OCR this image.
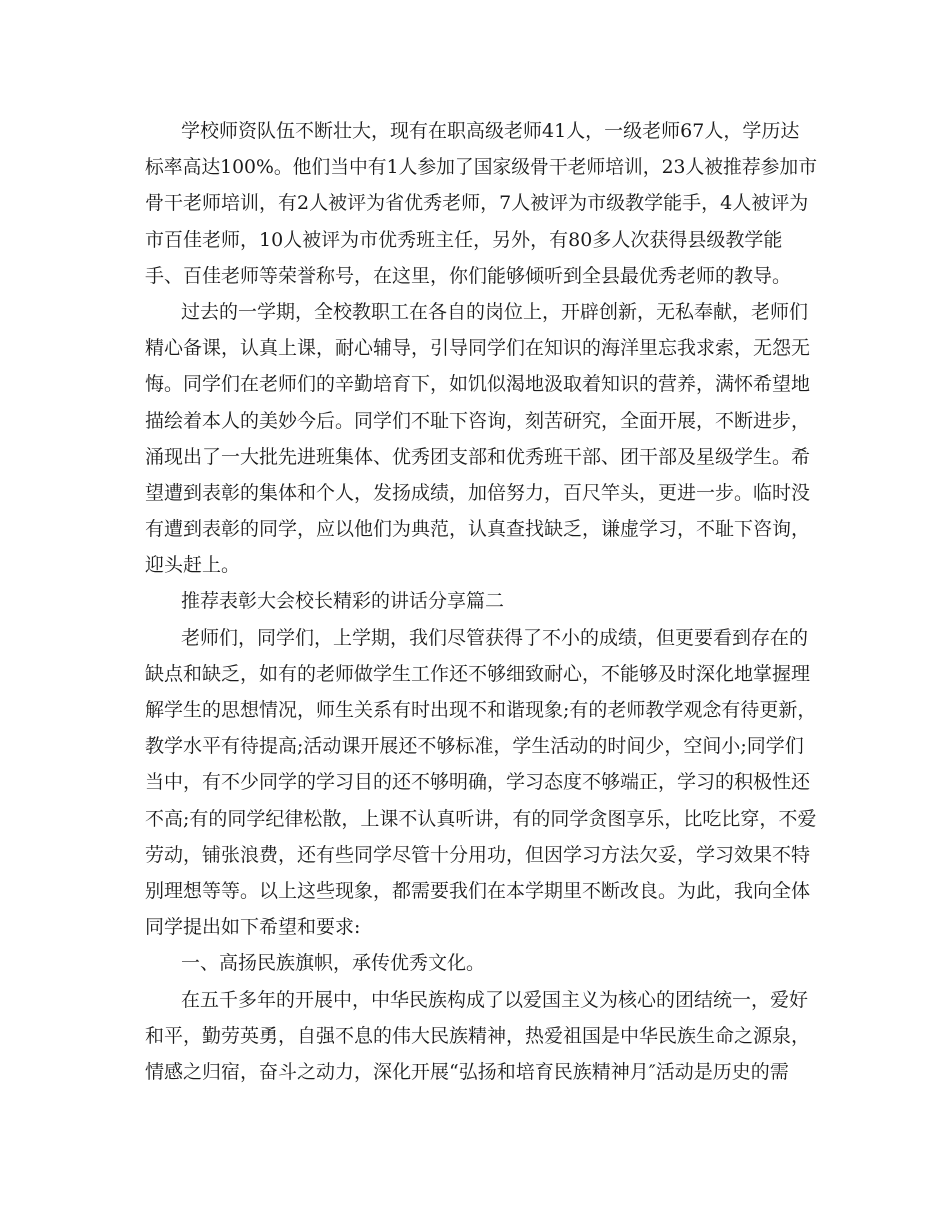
学校师资队伍不断壮大，现有在职高级老师41人，一级老师67人，学历达
标率高达100%。他们当中有1人参加了国家级骨干老师培训，23人被推荐参加市
骨干老师培训，有2人被评为省优秀老师，7人被评为市级教学能手，4人被评为
市百佳老师，10人被评为市优秀班主任，另外，有80多人次获得县级教学能
手、百佳老师等荣誉称号，在这里，你们能够倾听到全县最优秀老师的教导。
过去的一学期，全校教职工在各自的岗位上，开辟创新，无私奉献，老师们
精心备课，认真上课，耐心辅导，引导同学们在知识的海洋里忘我求索，无怨无
悔。同学们在老师们的辛勤培育下，如饥似渴地汲取着知识的营养，满怀希望地
描绘着本人的美妙今后。同学们不耻下咨询，刻苦研究，全面开展，不断进步，
涌现出了一大批先进班集体、优秀团支部和优秀班干部、团干部及星级学生。希
望遭到表彰的集体和个人，发扬成绩，加倍努力，百尺竿头，更进一步。临时没
有遭到表彰的同学，应以他们为典范，认真查找缺乏，谦虚学习，不耻下咨询，
迎头赶上。
推荐表彰大会校长精彩的讲话分享篇二
老师们，同学们，上学期，我们尽管获得了不小的成绩，但更要看到存在的
缺点和缺乏，如有的老师做学生工作还不够细致耐心，不能够及时深化地掌握理
解学生的思想情况，师生关系有时出现不和谐现象;有的老师教学观念有待更新，
教学水平有待提高;活动课开展还不够标准，学生活动的时间少，空间小;同学们
当中，有不少同学的学习目的还不够明确，学习态度不够端正，学习的积极性还
不高;有的同学纪律松散，上课不认真听讲，有的同学贪图享乐，比吃比穿，不爱
劳动，铺张浪费，还有些同学尽管十分用功，但因学习方法欠妥，学习效果不特
别理想等等。以上这些现象，都需要我们在本学期里不断改良。为此，我向全体
同学提出如下希望和要求:
一、高扬民族旗帜，承传优秀文化。
在五千多年的开展中，中华民族构成了以爱国主义为核心的团结统一，爱好
和平，勤劳英勇，自强不息的伟大民族精神，热爱祖国是中华民族生命之源泉，
情感之归宿，奋斗之动力，深化开展“弘扬和培育民族精神月″活动是历史的需
